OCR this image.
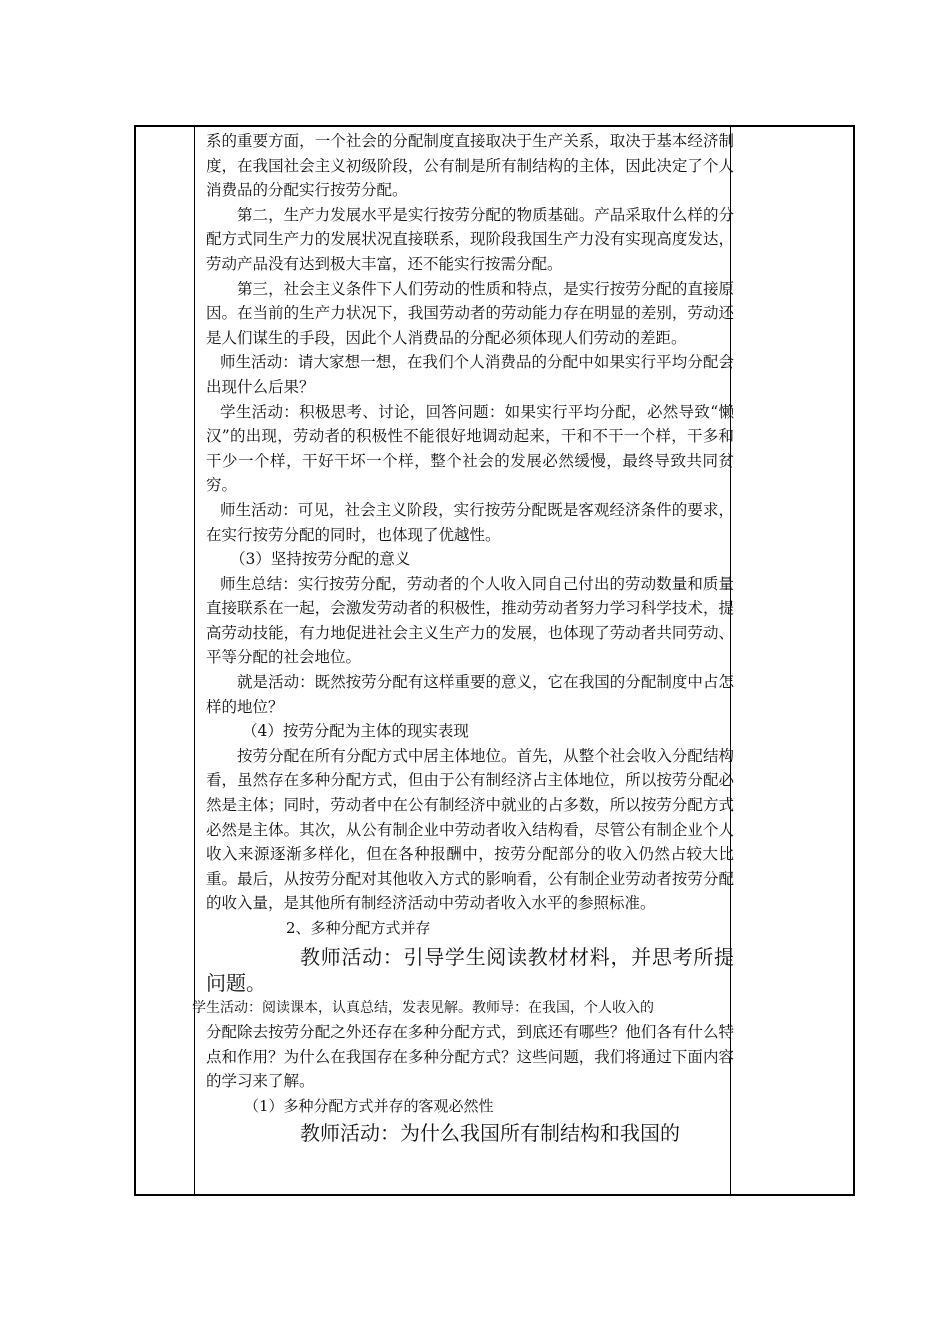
系的重要方面，一个社会的分配制度直接取决于生产关系，取决于基本经济制度，在我国社会主义初级阶段，公有制是所有制结构的主体，因此决定了个人消费品的分配实行按劳分配。

第二，生产力发展水平是实行按劳分配的物质基础。产品采取什么样的分配方式同生产力的发展状况直接联系，现阶段我国生产力没有实现高度发达，劳动产品没有达到极大丰富，还不能实行按需分配。

第三，社会主义条件下人们劳动的性质和特点，是实行按劳分配的直接原因。在当前的生产力状况下，我国劳动者的劳动能力存在明显的差别，劳动还是人们谋生的手段，因此个人消费品的分配必须体现人们劳动的差距。

师生活动：请大家想一想，在我们个人消费品的分配中如果实行平均分配会出现什么后果？

学生活动：积极思考、讨论，回答问题：如果实行平均分配，必然导致“懒汉”的出现，劳动者的积极性不能很好地调动起来，干和不干一个样，干多和干少一个样，干好干坏一个样，整个社会的发展必然缓慢，最终导致共同贫穷。

师生活动：可见，社会主义阶段，实行按劳分配既是客观经济条件的要求，在实行按劳分配的同时，也体现了优越性。

（3）坚持按劳分配的意义

师生总结：实行按劳分配，劳动者的个人收入同自己付出的劳动数量和质量直接联系在一起，会激发劳动者的积极性，推动劳动者努力学习科学技术，提高劳动技能，有力地促进社会主义生产力的发展，也体现了劳动者共同劳动、平等分配的社会地位。

就是活动：既然按劳分配有这样重要的意义，它在我国的分配制度中占怎样的地位？

（4）按劳分配为主体的现实表现

按劳分配在所有分配方式中居主体地位。首先，从整个社会收入分配结构看，虽然存在多种分配方式，但由于公有制经济占主体地位，所以按劳分配必然是主体；同时，劳动者中在公有制经济中就业的占多数，所以按劳分配方式必然是主体。其次，从公有制企业中劳动者收入结构看，尽管公有制企业个人收入来源逐渐多样化，但在各种报酬中，按劳分配部分的收入仍然占较大比重。最后，从按劳分配对其他收入方式的影响看，公有制企业劳动者按劳分配的收入量，是其他所有制经济活动中劳动者收入水平的参照标准。

2、多种分配方式并存

教师活动：引导学生阅读教材材料，并思考所提问题。

学生活动：阅读课本，认真总结，发表见解。教师导：在我国，个人收入的

分配除去按劳分配之外还存在多种分配方式，到底还有哪些？他们各有什么特点和作用？为什么在我国存在多种分配方式？这些问题，我们将通过下面内容的学习来了解。

（1）多种分配方式并存的客观必然性

教师活动：为什么我国所有制结构和我国的
